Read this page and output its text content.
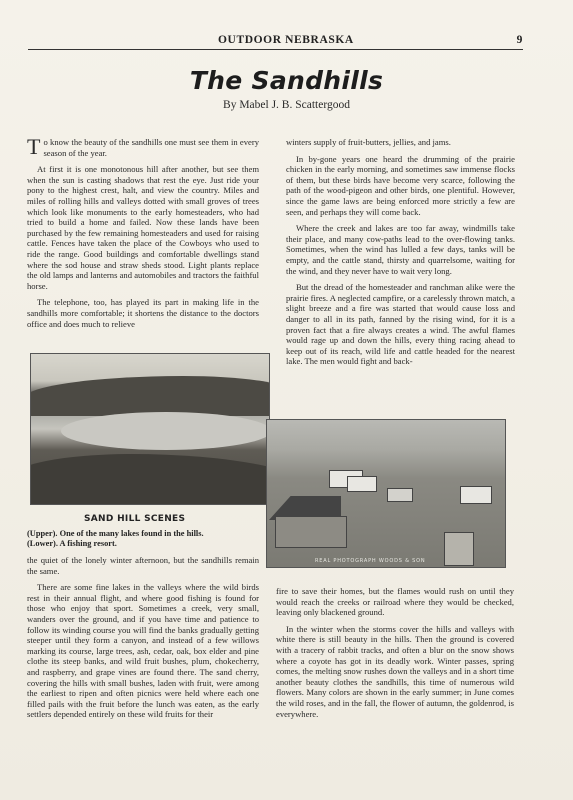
OUTDOOR NEBRASKA	9
The Sandhills
By Mabel J. B. Scattergood

To know the beauty of the sandhills one must see them in every season of the year.

At first it is one monotonous hill after another, but see them when the sun is casting shadows that rest the eye. Just ride your pony to the highest crest, halt, and view the country. Miles and miles of rolling hills and valleys dotted with small groves of trees which look like monuments to the early homesteaders, who had tried to build a home and failed. Now these lands have been purchased by the few remaining homesteaders and used for raising cattle. Fences have taken the place of the Cowboys who used to ride the range. Good buildings and comfortable dwellings stand where the sod house and straw sheds stood. Light plants replace the old lamps and lanterns and automobiles and tractors the faithful horse.

The telephone, too, has played its part in making life in the sandhills more comfortable; it shortens the distance to the doctors office and does much to relieve

winters supply of fruit-butters, jellies, and jams.

In by-gone years one heard the drumming of the prairie chicken in the early morning, and sometimes saw immense flocks of them, but these birds have become very scarce, following the path of the wood-pigeon and other birds, one plentiful. However, since the game laws are being enforced more strictly a few are seen, and perhaps they will come back.

Where the creek and lakes are too far away, windmills take their place, and many cow-paths lead to the over-flowing tanks. Sometimes, when the wind has lulled a few days, tanks will be empty, and the cattle stand, thirsty and quarrelsome, waiting for the wind, and they never have to wait very long.

But the dread of the homesteader and ranchman alike were the prairie fires. A neglected campfire, or a carelessly thrown match, a slight breeze and a fire was started that would cause loss and danger to all in its path, fanned by the rising wind, for it is a proven fact that a fire always creates a wind. The awful flames would rage up and down the hills, every thing racing ahead to keep out of its reach, wild life and cattle headed for the nearest lake. The men would fight and back-

REAL PHOTOGRAPH WOODS & SON
SAND HILL SCENES
(Upper). One of the many lakes found in the hills.
(Lower). A fishing resort.

the quiet of the lonely winter afternoon, but the sandhills remain the same.

There are some fine lakes in the valleys where the wild birds rest in their annual flight, and where good fishing is found for those who enjoy that sport. Sometimes a creek, very small, wanders over the ground, and if you have time and patience to follow its winding course you will find the banks gradually getting steeper until they form a canyon, and instead of a few willows marking its course, large trees, ash, cedar, oak, box elder and pine clothe its steep banks, and wild fruit bushes, plum, chokecherry, and raspberry, and grape vines are found there. The sand cherry, covering the hills with small bushes, laden with fruit, were among the earliest to ripen and often picnics were held where each one filled pails with the fruit before the lunch was eaten, as the early settlers depended entirely on these wild fruits for their

fire to save their homes, but the flames would rush on until they would reach the creeks or railroad where they would be checked, leaving only blackened ground.

In the winter when the storms cover the hills and valleys with white there is still beauty in the hills. Then the ground is covered with a tracery of rabbit tracks, and often a blur on the snow shows where a coyote has got in its deadly work. Winter passes, spring comes, the melting snow rushes down the valleys and in a short time another beauty clothes the sandhills, this time of numerous wild flowers. Many colors are shown in the early summer; in June comes the wild roses, and in the fall, the flower of autumn, the goldenrod, is everywhere.
